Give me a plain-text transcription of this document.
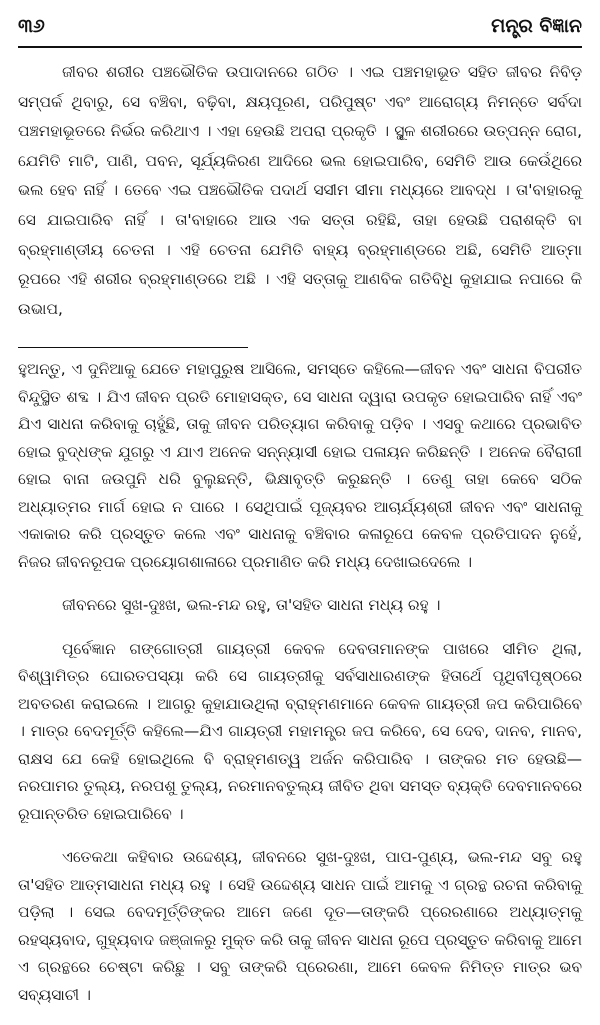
୩୬	ମନ୍ତ୍ର ବିଜ୍ଞାନ

ଜୀବର ଶରୀର ପଞ୍ଚଭୌତିକ ଉପାଦାନରେ ଗଠିତ । ଏଇ ପଞ୍ଚମହାଭୂତ ସହିତ ଜୀବର ନିବିଡ଼ ସମ୍ପର୍କ ଥିବାରୁ, ସେ ବଞ୍ଚିବା, ବଢ଼ିବା, କ୍ଷୟପୂରଣ, ପରିପୁଷ୍ଟ ଏବଂ ଆରୋଗ୍ୟ ନିମନ୍ତେ ସର୍ବଦା ପଞ୍ଚମହାଭୂତରେ ନିର୍ଭର କରିଥାଏ । ଏହା ହେଉଛି ଅପରା ପ୍ରକୃତି । ସ୍ଥୂଳ ଶରୀରରେ ଉତ୍ପନ୍ନ ରୋଗ, ଯେମିତି ମାଟି, ପାଣି, ପବନ, ସୂର୍ଯ୍ୟକିରଣ ଆଦିରେ ଭଲ ହୋଇପାରିବ, ସେମିତି ଆଉ କେଉଁଥିରେ ଭଲ ହେବ ନାହିଁ । ତେବେ ଏଇ ପଞ୍ଚଭୌତିକ ପଦାର୍ଥ ସସୀମ ସୀମା ମଧ୍ୟରେ ଆବଦ୍ଧ । ତା'ବାହାରକୁ ସେ ଯାଇପାରିବ ନାହିଁ । ତା'ବାହାରେ ଆଉ ଏକ ସତ୍ତା ରହିଛି, ତାହା ହେଉଛି ପରାଶକ୍ତି ବା ବ୍ରହ୍ମାଣ୍ଡୀୟ ଚେତନା । ଏହି ଚେତନା ଯେମିତି ବାହ୍ୟ ବ୍ରହ୍ମାଣ୍ଡରେ ଅଛି, ସେମିତି ଆତ୍ମା ରୂପରେ ଏହି ଶରୀର ବ୍ରହ୍ମାଣ୍ଡରେ ଅଛି । ଏହି ସତ୍ତାକୁ ଆଣବିକ ଗତିବିଧି କୁହାଯାଇ ନପାରେ କି ଉଭାପ,

ହୁଅନ୍ତୁ, ଏ ଦୁନିଆକୁ ଯେତେ ମହାପୁରୁଷ ଆସିଲେ, ସମସ୍ତେ କହିଲେ—ଜୀବନ ଏବଂ ସାଧନା ବିପରୀତ ବିନ୍ଦୁସ୍ଥିତ ଶବ୍ଦ । ଯିଏ ଜୀବନ ପ୍ରତି ମୋହାସକ୍ତ, ସେ ସାଧନା ଦ୍ୱାରା ଉପକୃତ ହୋଇପାରିବ ନାହିଁ ଏବଂ ଯିଏ ସାଧନା କରିବାକୁ ଚାହୁଁଛି, ତାକୁ ଜୀବନ ପରିତ୍ୟାଗ କରିବାକୁ ପଡ଼ିବ । ଏସବୁ କଥାରେ ପ୍ରଭାବିତ ହୋଇ ବୁଦ୍ଧଙ୍କ ଯୁଗରୁ ଏ ଯାଏ ଅନେକ ସନ୍ନ୍ୟାସୀ ହୋଇ ପଳାୟନ କରିଛନ୍ତି । ଅନେକ ବୈରାଗୀ ହୋଇ ବାନା ଜଉପୁନି ଧରି ବୁଲୁଛନ୍ତି, ଭିକ୍ଷାବୃତ୍ତି କରୁଛନ୍ତି । ତେଣୁ ତାହା କେବେ ସଠିକ ଅଧ୍ୟାତ୍ମର ମାର୍ଗ ହୋଇ ନ ପାରେ । ସେଥିପାଇଁ ପୂଜ୍ୟବର ଆଚାର୍ଯ୍ୟଶ୍ରୀ ଜୀବନ ଏବଂ ସାଧନାକୁ ଏକାକାର କରି ପ୍ରସ୍ତୁତ କଲେ ଏବଂ ସାଧନାକୁ ବଞ୍ଚିବାର କଳାରୂପେ କେବଳ ପ୍ରତିପାଦନ ନୁହେଁ, ନିଜର ଜୀବନରୂପକ ପ୍ରୟୋଗଶାଳାରେ ପ୍ରମାଣିତ କରି ମଧ୍ୟ ଦେଖାଇଦେଲେ ।

ଜୀବନରେ ସୁଖ-ଦୁଃଖ, ଭଲ-ମନ୍ଦ ରହୁ, ତା'ସହିତ ସାଧନା ମଧ୍ୟ ରହୁ ।

ପୂର୍ବେଜ୍ଞାନ ଗଙ୍ଗୋତ୍ରୀ ଗାୟତ୍ରୀ କେବଳ ଦେବତାମାନଙ୍କ ପାଖରେ ସୀମିତ ଥିଲା, ବିଶ୍ୱାମିତ୍ର ଘୋରତପସ୍ୟା କରି ସେ ଗାୟତ୍ରୀକୁ ସର୍ବସାଧାରଣଙ୍କ ହିତାର୍ଥେ ପୃଥିବୀପୃଷ୍ଠରେ ଅବତରଣ କରାଇଲେ । ଆଗରୁ କୁହାଯାଉଥିଲା ବ୍ରାହ୍ମଣମାନେ କେବଳ ଗାୟତ୍ରୀ ଜପ କରିପାରିବେ । ମାତ୍ର ବେଦମୂର୍ତ୍ତି କହିଲେ—ଯିଏ ଗାୟତ୍ରୀ ମହାମନ୍ତ୍ର ଜପ କରିବେ, ସେ ଦେବ, ଦାନବ, ମାନବ, ରାକ୍ଷସ ଯେ କେହି ହୋଇଥିଲେ ବି ବ୍ରାହ୍ମଣତ୍ୱ ଅର୍ଜନ କରିପାରିବ । ତାଙ୍କର ମତ ହେଉଛି—ନରପାମର ତୁଲ୍ୟ, ନରପଶୁ ତୁଲ୍ୟ, ନରମାନବତୁଲ୍ୟ ଜୀବିତ ଥିବା ସମସ୍ତ ବ୍ୟକ୍ତି ଦେବମାନବରେ ରୂପାନ୍ତରିତ ହୋଇପାରିବେ ।

ଏତେକଥା କହିବାର ଉଦ୍ଦେଶ୍ୟ, ଜୀବନରେ ସୁଖ-ଦୁଃଖ, ପାପ-ପୁଣ୍ୟ, ଭଲ-ମନ୍ଦ ସବୁ ରହୁ ତା'ସହିତ ଆତ୍ମସାଧନା ମଧ୍ୟ ରହୁ । ସେହି ଉଦ୍ଦେଶ୍ୟ ସାଧନ ପାଇଁ ଆମକୁ ଏ ଗ୍ରନ୍ଥ ରଚନା କରିବାକୁ ପଡ଼ିଲା । ସେଇ ବେଦମୂର୍ତ୍ତିଙ୍କର ଆମେ ଜଣେ ଦୂତ—ତାଙ୍କରି ପ୍ରେରଣାରେ ଅଧ୍ୟାତ୍ମକୁ ରହସ୍ୟବାଦ, ଗୁହ୍ୟବାଦ ଜଞ୍ଜାଳରୁ ମୁକ୍ତ କରି ତାକୁ ଜୀବନ ସାଧନା ରୂପେ ପ୍ରସ୍ତୁତ କରିବାକୁ ଆମେ ଏ ଗ୍ରନ୍ଥରେ ଚେଷ୍ଟା କରିଛୁ । ସବୁ ତାଙ୍କରି ପ୍ରେରଣା, ଆମେ କେବଳ ନିମିତ୍ତ ମାତ୍ର ଭବ ସବ୍ୟସାଚୀ ।
